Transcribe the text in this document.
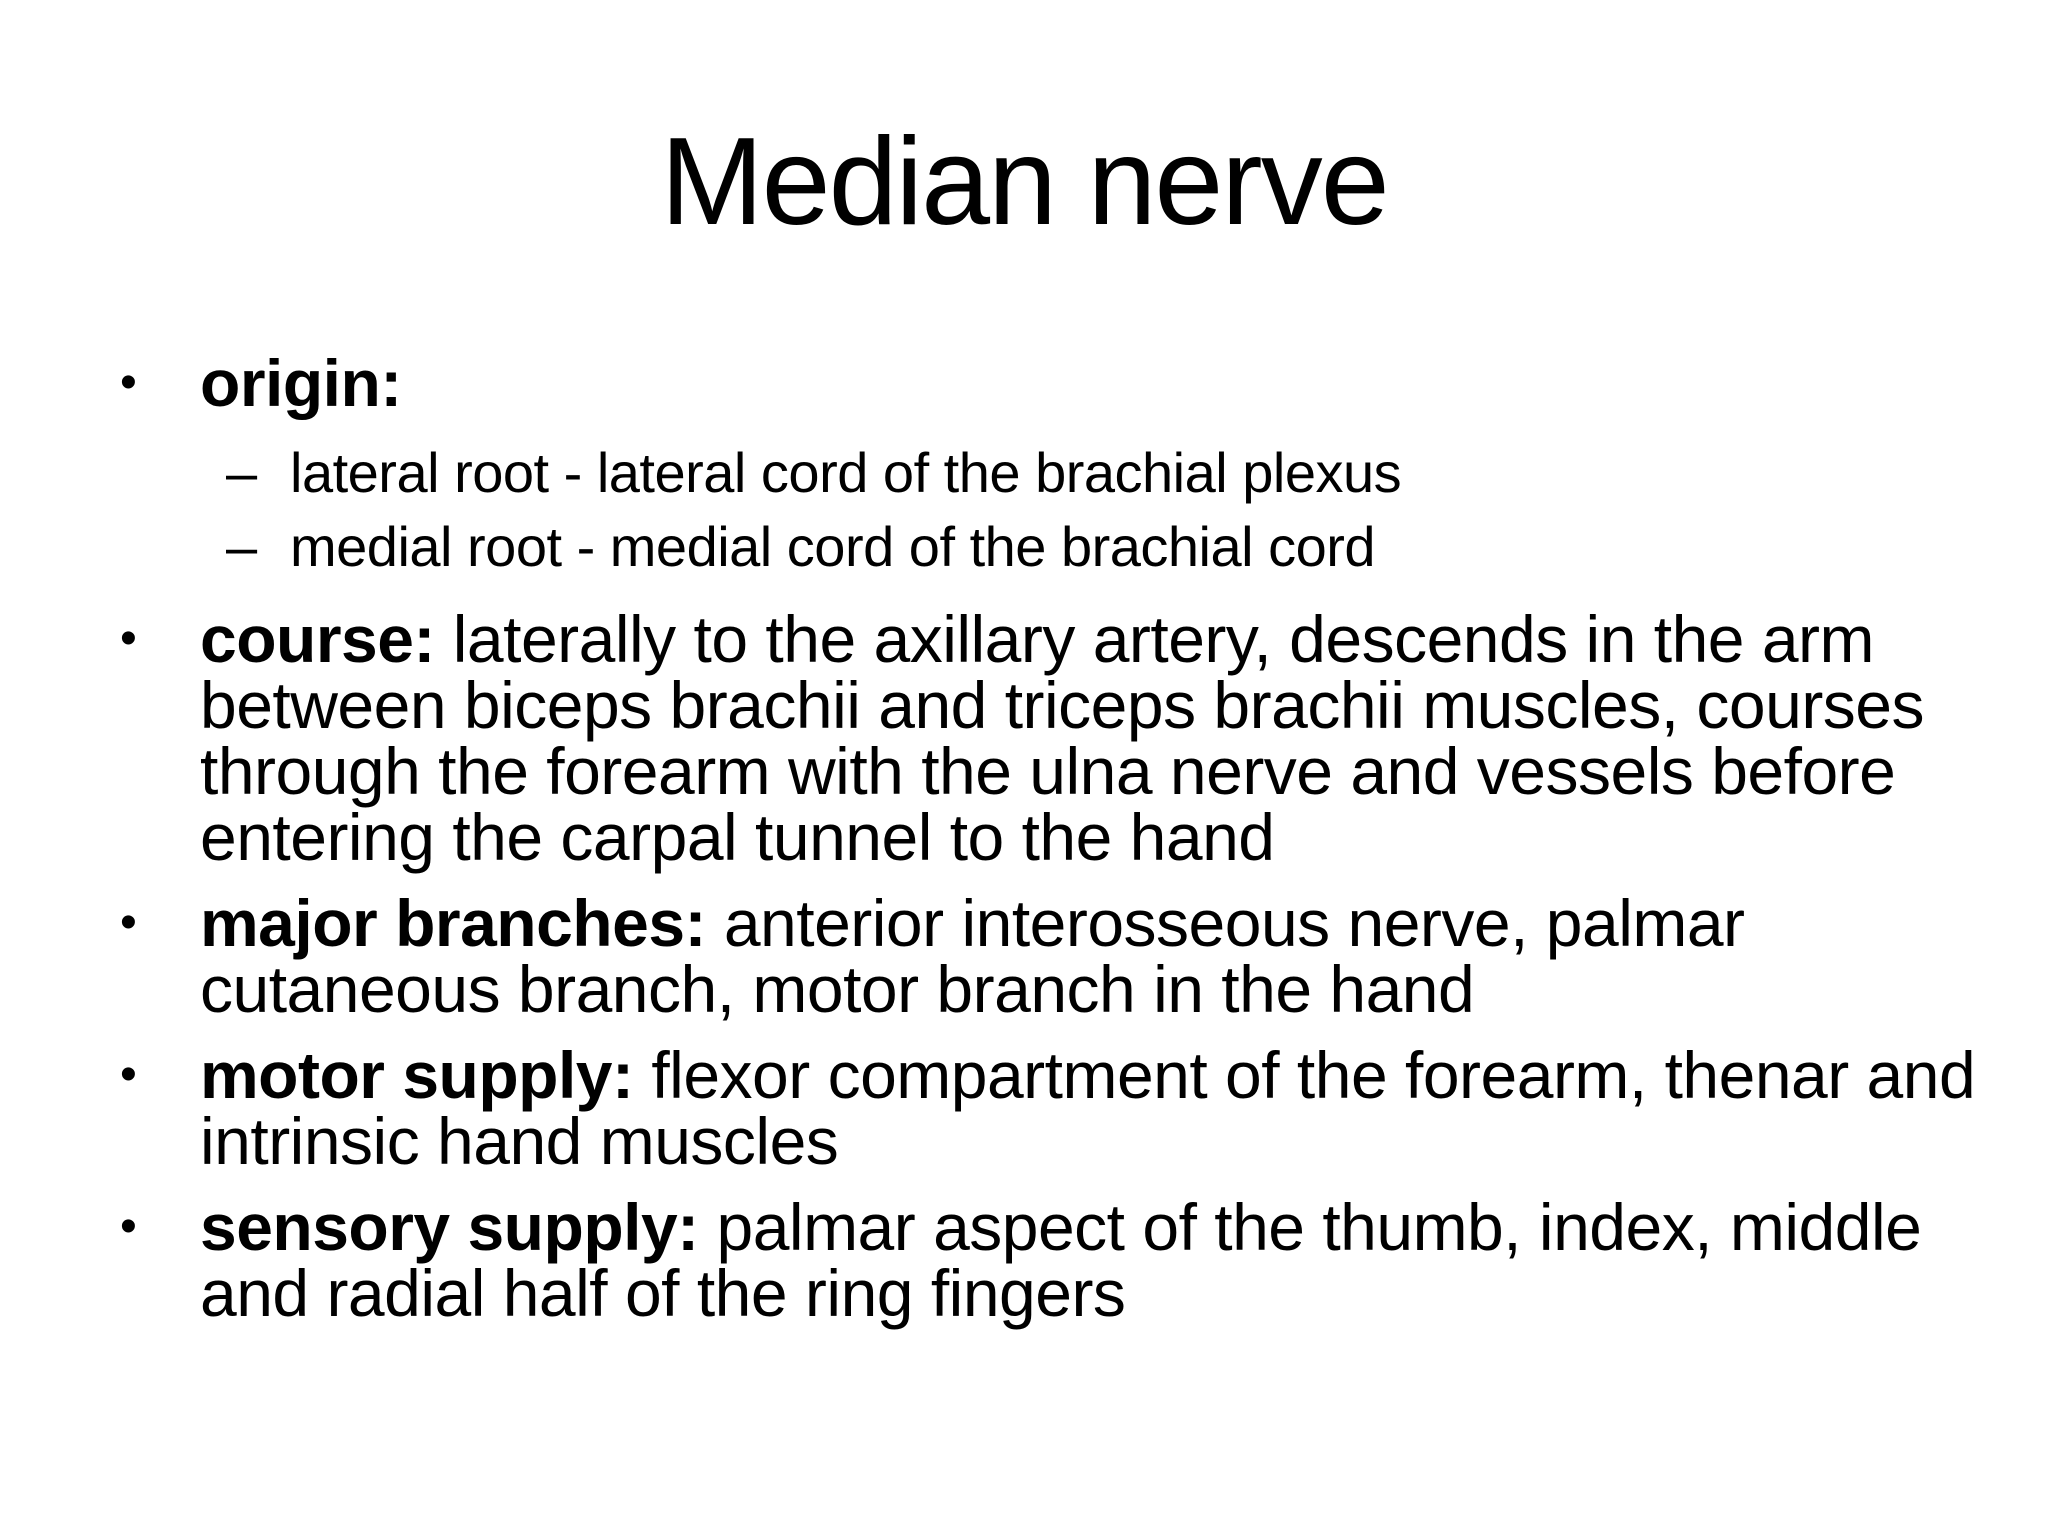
Median nerve
• origin:
– lateral root - lateral cord of the brachial plexus
– medial root - medial cord of the brachial cord
• course: laterally to the axillary artery, descends in the arm between biceps brachii and triceps brachii muscles, courses through the forearm with the ulna nerve and vessels before entering the carpal tunnel to the hand
• major branches: anterior interosseous nerve, palmar cutaneous branch, motor branch in the hand
• motor supply: flexor compartment of the forearm, thenar and intrinsic hand muscles
• sensory supply: palmar aspect of the thumb, index, middle and radial half of the ring fingers
